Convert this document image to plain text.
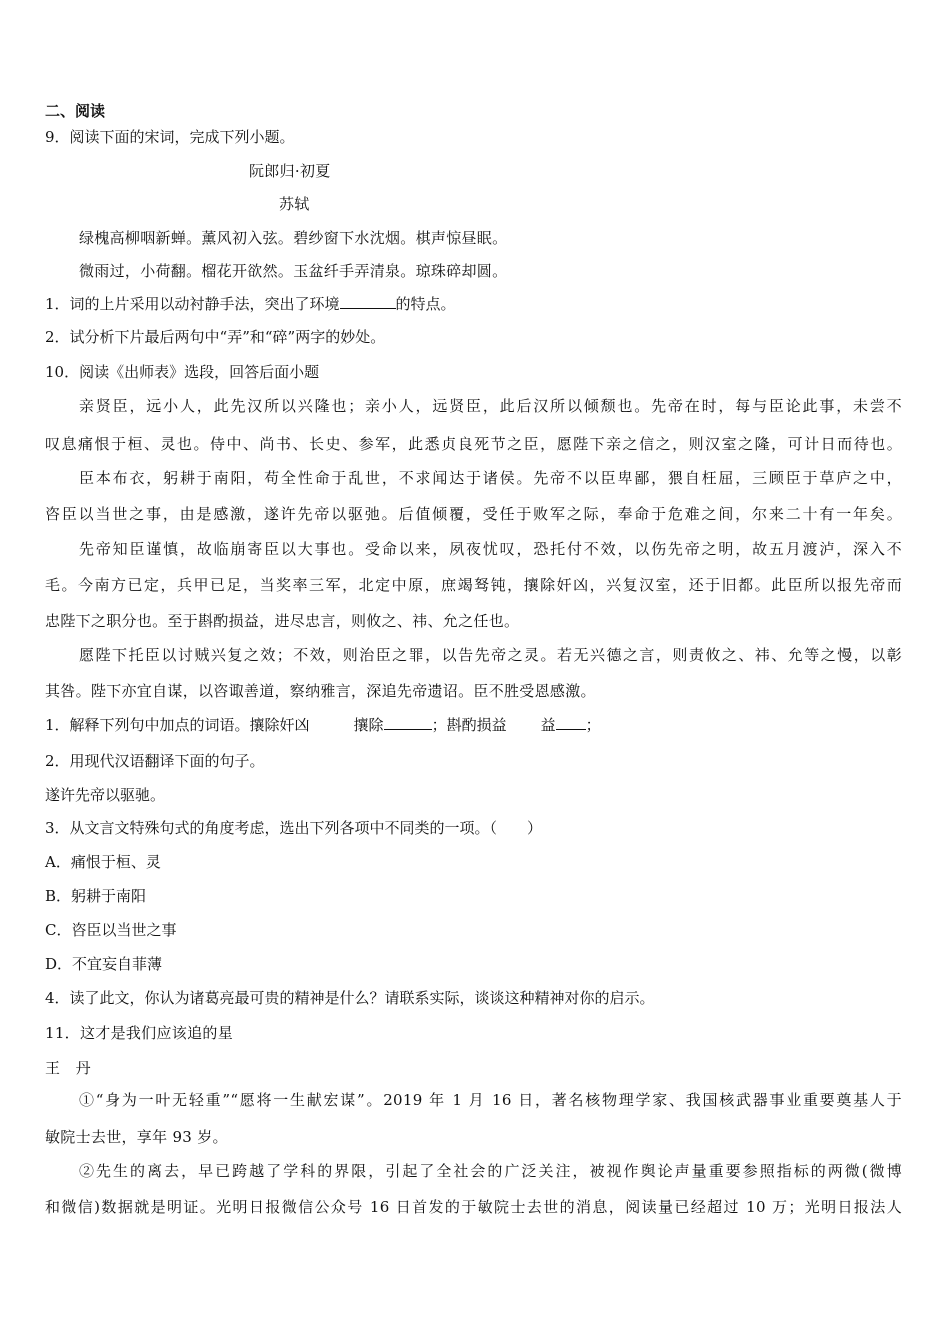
二、阅读
9．阅读下面的宋词，完成下列小题。
阮郎归·初夏
苏轼
绿槐高柳咽新蝉。薰风初入弦。碧纱窗下水沈烟。棋声惊昼眠。
微雨过，小荷翻。榴花开欲然。玉盆纤手弄清泉。琼珠碎却圆。
1．词的上片采用以动衬静手法，突出了环境	的特点。
2．试分析下片最后两句中“弄”和“碎”两字的妙处。
10．阅读《出师表》选段，回答后面小题
亲贤臣，远小人，此先汉所以兴隆也；亲小人，远贤臣，此后汉所以倾颓也。先帝在时，每与臣论此事，未尝不
叹息痛恨于桓、灵也。侍中、尚书、长史、参军，此悉贞良死节之臣，愿陛下亲之信之，则汉室之隆，可计日而待也。
臣本布衣，躬耕于南阳，苟全性命于乱世，不求闻达于诸侯。先帝不以臣卑鄙，猥自枉屈，三顾臣于草庐之中，
咨臣以当世之事，由是感激，遂许先帝以驱弛。后值倾覆，受任于败军之际，奉命于危难之间，尔来二十有一年矣。
先帝知臣谨慎，故临崩寄臣以大事也。受命以来，夙夜忧叹，恐托付不效，以伤先帝之明，故五月渡泸，深入不
毛。今南方已定，兵甲已足，当奖率三军，北定中原，庶竭驽钝，攘除奸凶，兴复汉室，还于旧都。此臣所以报先帝而
忠陛下之职分也。至于斟酌损益，进尽忠言，则攸之、祎、允之任也。
愿陛下托臣以讨贼兴复之效；不效，则治臣之罪，以告先帝之灵。若无兴德之言，则责攸之、祎、允等之慢，以彰
其咎。陛下亦宜自谋，以咨诹善道，察纳雅言，深追先帝遗诏。臣不胜受恩感激。
1．解释下列句中加点的词语。攘除奸凶	攘除	；斟酌损益 益 ；
2．用现代汉语翻译下面的句子。
遂许先帝以驱驰。
3．从文言文特殊句式的角度考虑，选出下列各项中不同类的一项。（　　）
A．痛恨于桓、灵
B．躬耕于南阳
C．咨臣以当世之事
D．不宜妄自菲薄
4．读了此文，你认为诸葛亮最可贵的精神是什么？请联系实际，谈谈这种精神对你的启示。
11．这才是我们应该追的星
王　丹
①“身为一叶无轻重”“愿将一生献宏谋”。2019 年 1 月 16 日，著名核物理学家、我国核武器事业重要奠基人于
敏院士去世，享年 93 岁。
②先生的离去，早已跨越了学科的界限，引起了全社会的广泛关注，被视作舆论声量重要参照指标的两微(微博
和微信)数据就是明证。光明日报微信公众号 16 日首发的于敏院士去世的消息，阅读量已经超过 10 万；光明日报法人
